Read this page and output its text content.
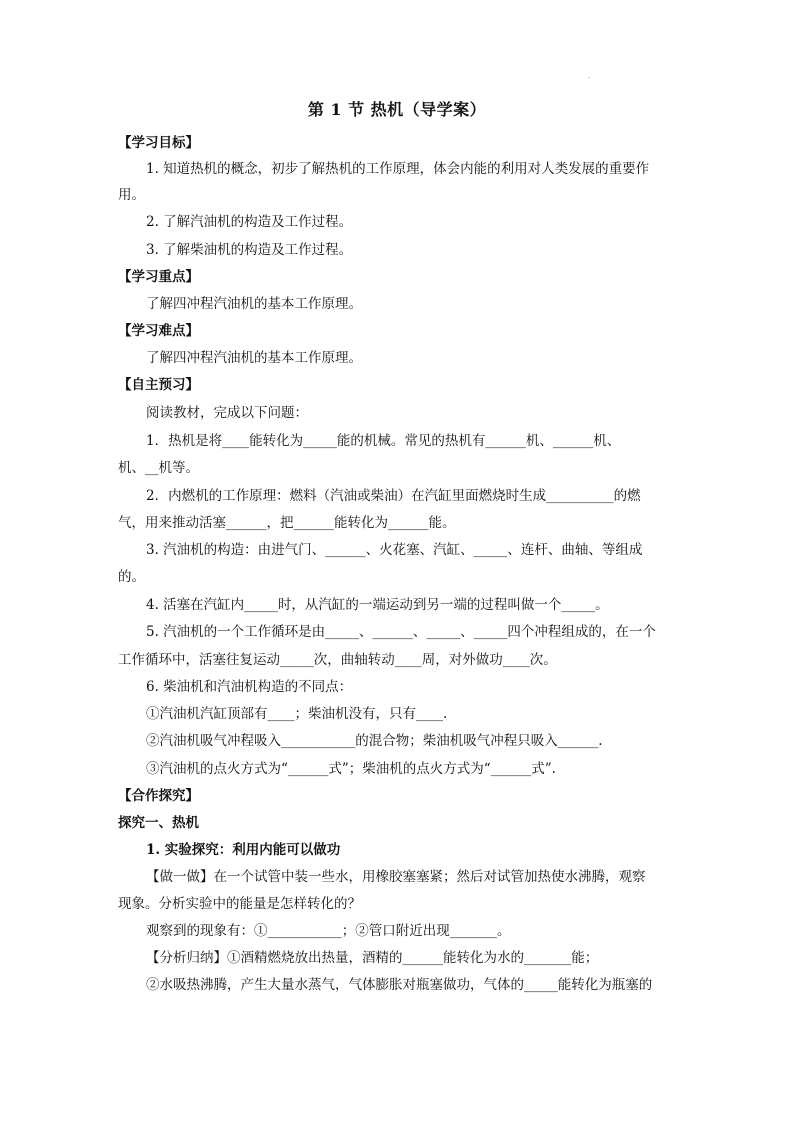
·
第 1 节 热机（导学案）
【学习目标】
1. 知道热机的概念，初步了解热机的工作原理，体会内能的利用对人类发展的重要作
用。
2. 了解汽油机的构造及工作过程。
3. 了解柴油机的构造及工作过程。
【学习重点】
了解四冲程汽油机的基本工作原理。
【学习难点】
了解四冲程汽油机的基本工作原理。
【自主预习】
阅读教材，完成以下问题：
1．热机是将____能转化为_____能的机械。常见的热机有______机、______机、
机、__机等。
2．内燃机的工作原理：燃料（汽油或柴油）在汽缸里面燃烧时生成__________的燃
气，用来推动活塞______，把______能转化为______能。
3. 汽油机的构造：由进气门、______、火花塞、汽缸、_____、连杆、曲轴、等组成
的。
4. 活塞在汽缸内_____时，从汽缸的一端运动到另一端的过程叫做一个_____。
5. 汽油机的一个工作循环是由_____、______、_____、_____四个冲程组成的，在一个
工作循环中，活塞往复运动_____次，曲轴转动____周，对外做功____次。
6. 柴油机和汽油机构造的不同点：
①汽油机汽缸顶部有____；柴油机没有，只有____.
②汽油机吸气冲程吸入___________的混合物；柴油机吸气冲程只吸入______.
③汽油机的点火方式为“______式”；柴油机的点火方式为“______式”.
【合作探究】
探究一、热机
1. 实验探究：利用内能可以做功
【做一做】在一个试管中装一些水，用橡胶塞塞紧；然后对试管加热使水沸腾，观察
现象。分析实验中的能量是怎样转化的？
观察到的现象有：①___________；②管口附近出现_______。
【分析归纳】①酒精燃烧放出热量，酒精的______能转化为水的_______能；
②水吸热沸腾，产生大量水蒸气，气体膨胀对瓶塞做功，气体的_____能转化为瓶塞的
